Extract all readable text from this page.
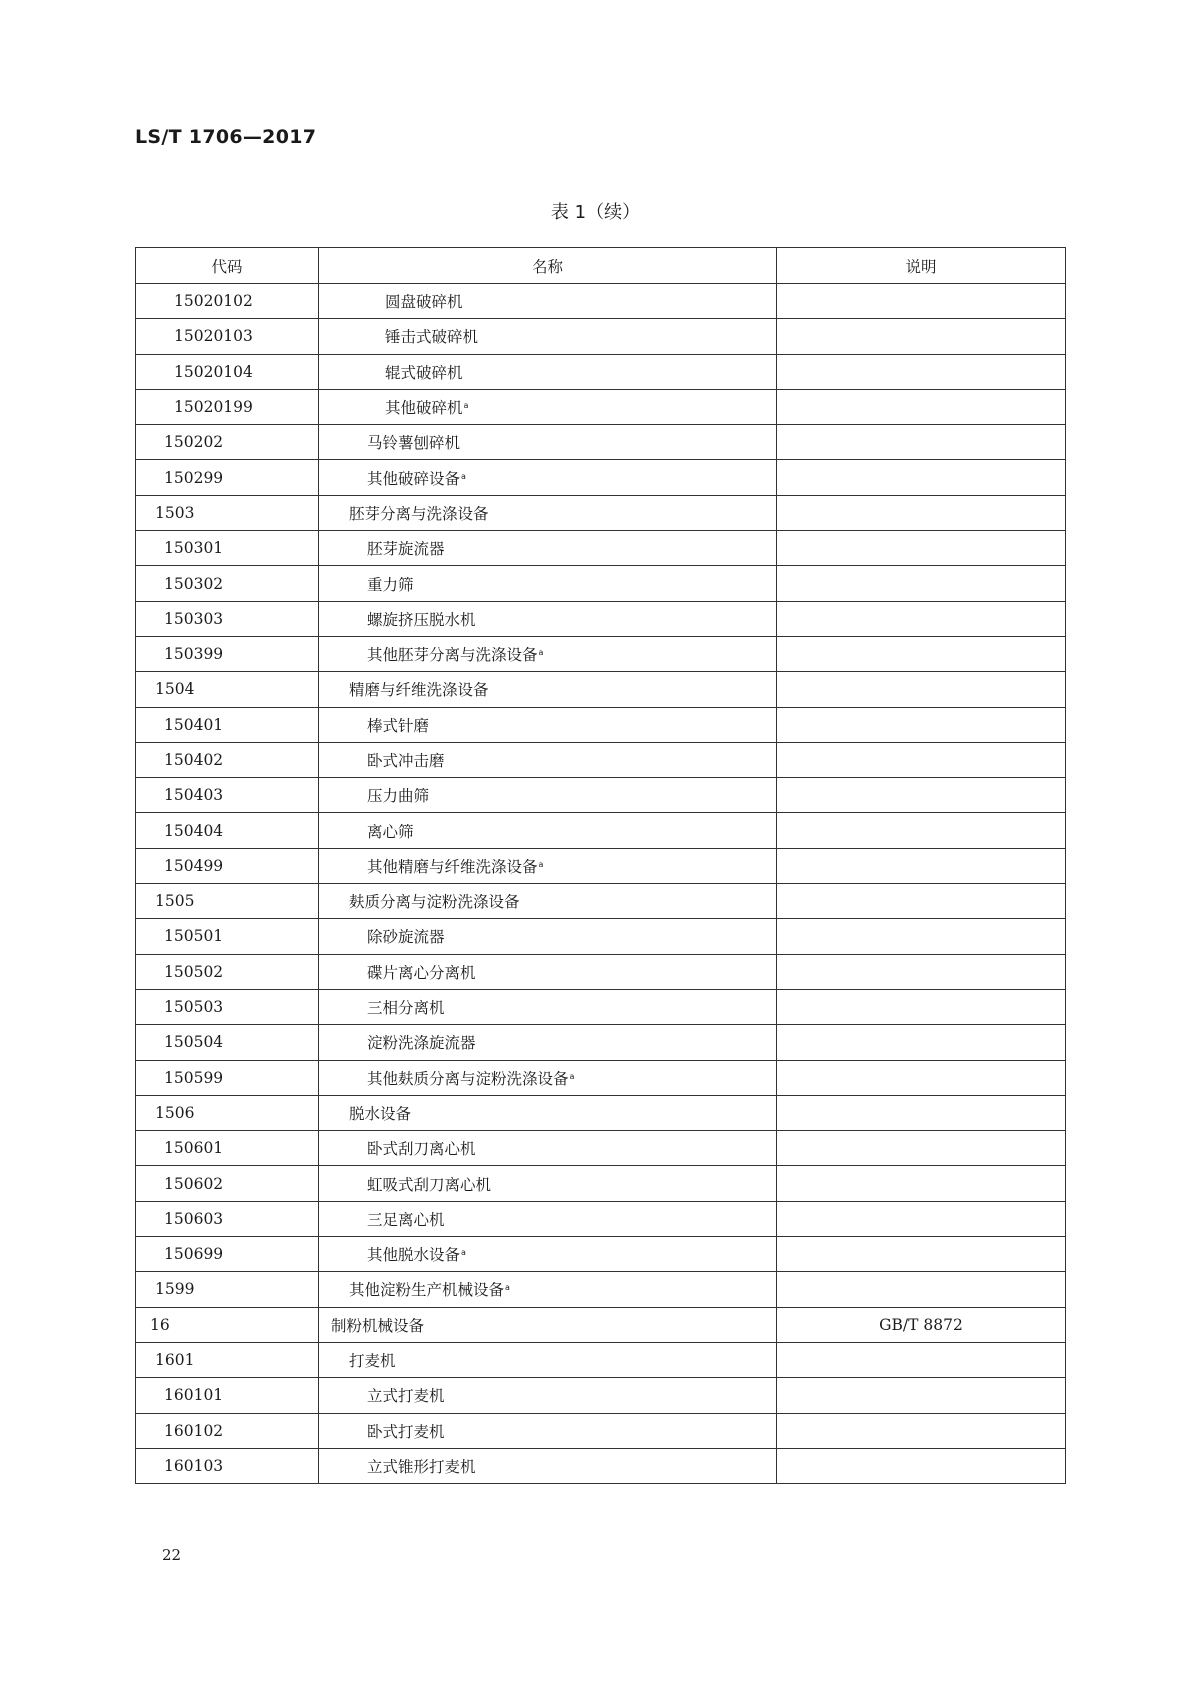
LS/T 1706—2017
表 1（续）
代码	名称	说明
15020102	圆盘破碎机	
15020103	锤击式破碎机	
15020104	辊式破碎机	
15020199	其他破碎机$^a$	
150202	马铃薯刨碎机	
150299	其他破碎设备$^a$	
1503	胚芽分离与洗涤设备	
150301	胚芽旋流器	
150302	重力筛	
150303	螺旋挤压脱水机	
150399	其他胚芽分离与洗涤设备$^a$	
1504	精磨与纤维洗涤设备	
150401	棒式针磨	
150402	卧式冲击磨	
150403	压力曲筛	
150404	离心筛	
150499	其他精磨与纤维洗涤设备$^a$	
1505	麸质分离与淀粉洗涤设备	
150501	除砂旋流器	
150502	碟片离心分离机	
150503	三相分离机	
150504	淀粉洗涤旋流器	
150599	其他麸质分离与淀粉洗涤设备$^a$	
1506	脱水设备	
150601	卧式刮刀离心机	
150602	虹吸式刮刀离心机	
150603	三足离心机	
150699	其他脱水设备$^a$	
1599	其他淀粉生产机械设备$^a$	
16	制粉机械设备	GB/T 8872
1601	打麦机	
160101	立式打麦机	
160102	卧式打麦机	
160103	立式锥形打麦机	
22
